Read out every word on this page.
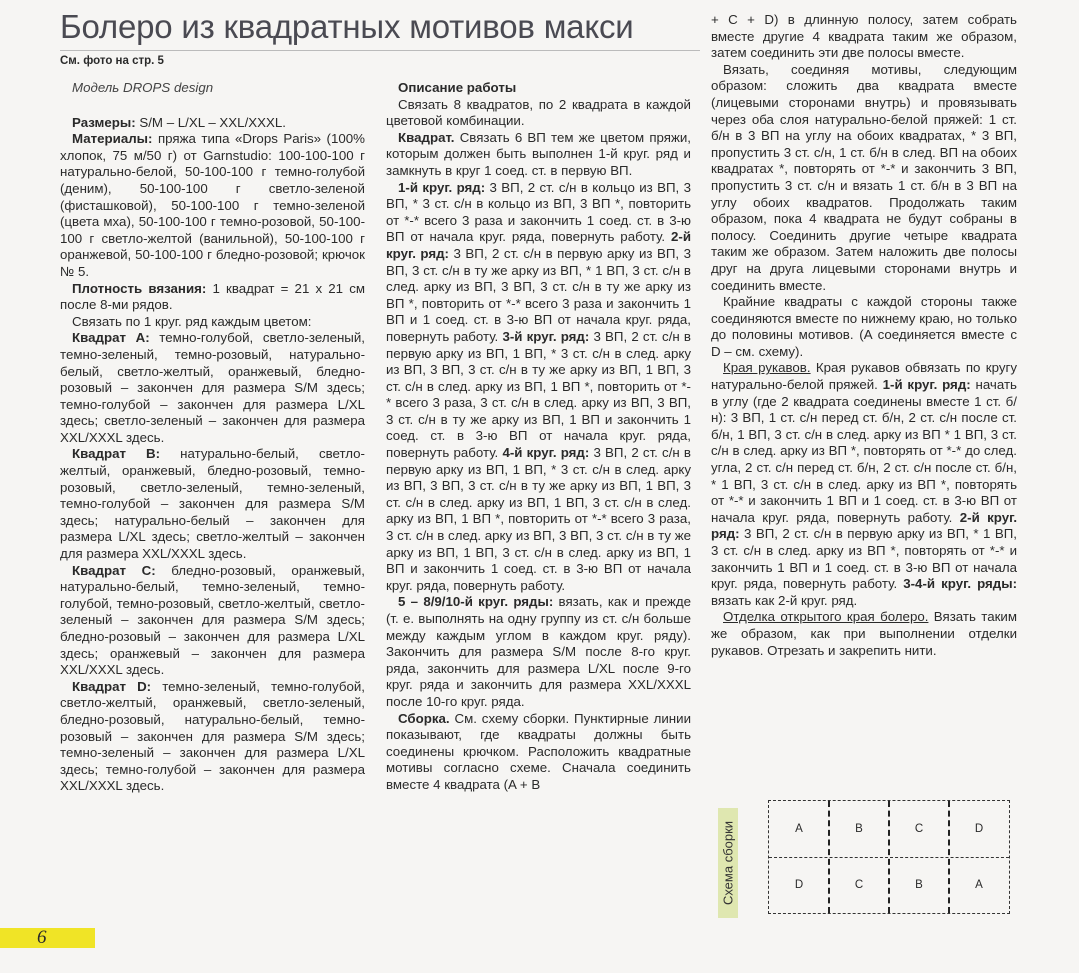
Болеро из квадратных мотивов макси
См. фото на стр. 5

Модель DROPS design

Размеры: S/M – L/XL – XXL/XXXL.

Материалы: пряжа типа «Drops Paris» (100% хлопок, 75 м/50 г) от Garnstudio: 100-100-100 г натурально-белой, 50-100-100 г темно-голубой (деним), 50-100-100 г светло-зеленой (фисташковой), 50-100-100 г темно-зеленой (цвета мха), 50-100-100 г темно-розовой, 50-100-100 г светло-желтой (ванильной), 50-100-100 г оранжевой, 50-100-100 г бледно-розовой; крючок № 5.

Плотность вязания: 1 квадрат = 21 x 21 см после 8-ми рядов.

Связать по 1 круг. ряд каждым цветом:

Квадрат A: темно-голубой, светло-зеленый, темно-зеленый, темно-розовый, натурально-белый, светло-желтый, оранжевый, бледно-розовый – закончен для размера S/M здесь; темно-голубой – закончен для размера L/XL здесь; светло-зеленый – закончен для размера XXL/XXXL здесь.

Квадрат B: натурально-белый, светло-желтый, оранжевый, бледно-розовый, темно-розовый, светло-зеленый, темно-зеленый, темно-голубой – закончен для размера S/M здесь; натурально-белый – закончен для размера L/XL здесь; светло-желтый – закончен для размера XXL/XXXL здесь.

Квадрат C: бледно-розовый, оранжевый, натурально-белый, темно-зеленый, темно-голубой, темно-розовый, светло-желтый, светло-зеленый – закончен для размера S/M здесь; бледно-розовый – закончен для размера L/XL здесь; оранжевый – закончен для размера XXL/XXXL здесь.

Квадрат D: темно-зеленый, темно-голубой, светло-желтый, оранжевый, светло-зеленый, бледно-розовый, натурально-белый, темно-розовый – закончен для размера S/M здесь; темно-зеленый – закончен для размера L/XL здесь; темно-голубой – закончен для размера XXL/XXXL здесь.

Описание работы

Связать 8 квадратов, по 2 квадрата в каждой цветовой комбинации.

Квадрат. Связать 6 ВП тем же цветом пряжи, которым должен быть выполнен 1-й круг. ряд и замкнуть в круг 1 соед. ст. в первую ВП.

1-й круг. ряд: 3 ВП, 2 ст. с/н в кольцо из ВП, 3 ВП, * 3 ст. с/н в кольцо из ВП, 3 ВП *, повторить от *-* всего 3 раза и закончить 1 соед. ст. в 3-ю ВП от начала круг. ряда, повернуть работу. 2-й круг. ряд: 3 ВП, 2 ст. с/н в первую арку из ВП, 3 ВП, 3 ст. с/н в ту же арку из ВП, * 1 ВП, 3 ст. с/н в след. арку из ВП, 3 ВП, 3 ст. с/н в ту же арку из ВП *, повторить от *-* всего 3 раза и закончить 1 ВП и 1 соед. ст. в 3-ю ВП от начала круг. ряда, повернуть работу. 3-й круг. ряд: 3 ВП, 2 ст. с/н в первую арку из ВП, 1 ВП, * 3 ст. с/н в след. арку из ВП, 3 ВП, 3 ст. с/н в ту же арку из ВП, 1 ВП, 3 ст. с/н в след. арку из ВП, 1 ВП *, повторить от *-* всего 3 раза, 3 ст. с/н в след. арку из ВП, 3 ВП, 3 ст. с/н в ту же арку из ВП, 1 ВП и закончить 1 соед. ст. в 3-ю ВП от начала круг. ряда, повернуть работу. 4-й круг. ряд: 3 ВП, 2 ст. с/н в первую арку из ВП, 1 ВП, * 3 ст. с/н в след. арку из ВП, 3 ВП, 3 ст. с/н в ту же арку из ВП, 1 ВП, 3 ст. с/н в след. арку из ВП, 1 ВП, 3 ст. с/н в след. арку из ВП, 1 ВП *, повторить от *-* всего 3 раза, 3 ст. с/н в след. арку из ВП, 3 ВП, 3 ст. с/н в ту же арку из ВП, 1 ВП, 3 ст. с/н в след. арку из ВП, 1 ВП и закончить 1 соед. ст. в 3-ю ВП от начала круг. ряда, повернуть работу.

5 – 8/9/10-й круг. ряды: вязать, как и прежде (т. е. выполнять на одну группу из ст. с/н больше между каждым углом в каждом круг. ряду). Закончить для размера S/M после 8-го круг. ряда, закончить для размера L/XL после 9-го круг. ряда и закончить для размера XXL/XXXL после 10-го круг. ряда.

Сборка. См. схему сборки. Пунктирные линии показывают, где квадраты должны быть соединены крючком. Расположить квадратные мотивы согласно схеме. Сначала соединить вместе 4 квадрата (A + B

+ C + D) в длинную полосу, затем собрать вместе другие 4 квадрата таким же образом, затем соединить эти две полосы вместе.

Вязать, соединяя мотивы, следующим образом: сложить два квадрата вместе (лицевыми сторонами внутрь) и провязывать через оба слоя натурально-белой пряжей: 1 ст. б/н в 3 ВП на углу на обоих квадратах, * 3 ВП, пропустить 3 ст. с/н, 1 ст. б/н в след. ВП на обоих квадратах *, повторять от *-* и закончить 3 ВП, пропустить 3 ст. с/н и вязать 1 ст. б/н в 3 ВП на углу обоих квадратов. Продолжать таким образом, пока 4 квадрата не будут собраны в полосу. Соединить другие четыре квадрата таким же образом. Затем наложить две полосы друг на друга лицевыми сторонами внутрь и соединить вместе.

Крайние квадраты с каждой стороны также соединяются вместе по нижнему краю, но только до половины мотивов. (A соединяется вместе с D – см. схему).

Края рукавов. Края рукавов обвязать по кругу натурально-белой пряжей. 1-й круг. ряд: начать в углу (где 2 квадрата соединены вместе 1 ст. б/н): 3 ВП, 1 ст. с/н перед ст. б/н, 2 ст. с/н после ст. б/н, 1 ВП, 3 ст. с/н в след. арку из ВП * 1 ВП, 3 ст. с/н в след. арку из ВП *, повторять от *-* до след. угла, 2 ст. с/н перед ст. б/н, 2 ст. с/н после ст. б/н, * 1 ВП, 3 ст. с/н в след. арку из ВП *, повторять от *-* и закончить 1 ВП и 1 соед. ст. в 3-ю ВП от начала круг. ряда, повернуть работу. 2-й круг. ряд: 3 ВП, 2 ст. с/н в первую арку из ВП, * 1 ВП, 3 ст. с/н в след. арку из ВП *, повторять от *-* и закончить 1 ВП и 1 соед. ст. в 3-ю ВП от начала круг. ряда, повернуть работу. 3-4-й круг. ряды: вязать как 2-й круг. ряд.

Отделка открытого края болеро. Вязать таким же образом, как при выполнении отделки рукавов. Отрезать и закрепить нити.

Схема сборки	A	B	C	D
D	C	B	A
6
